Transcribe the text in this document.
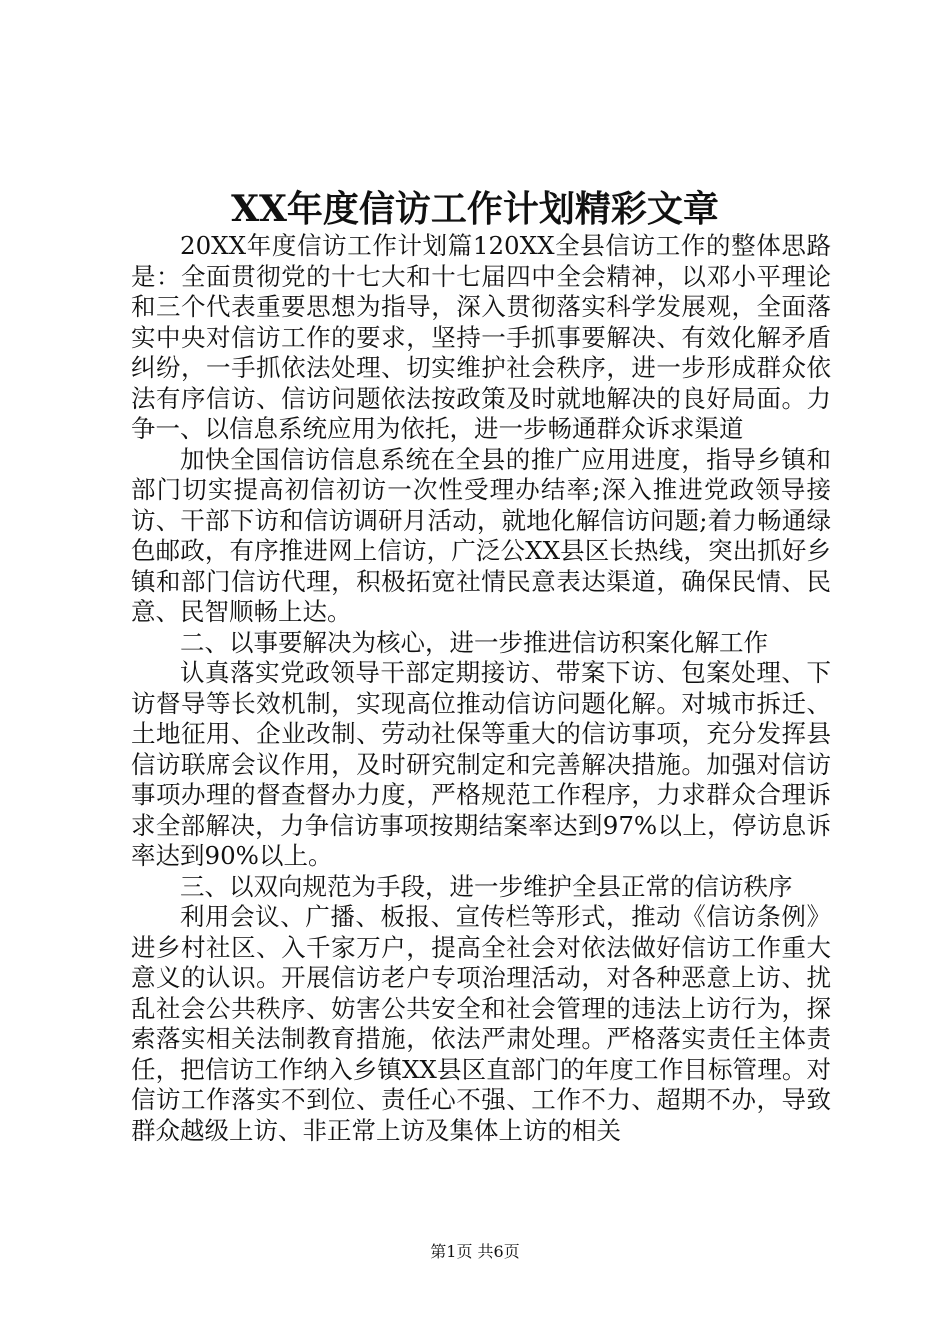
XX年度信访工作计划精彩文章

20XX年度信访工作计划篇120XX全县信访工作的整体思路是：全面贯彻党的十七大和十七届四中全会精神，以邓小平理论和三个代表重要思想为指导，深入贯彻落实科学发展观，全面落实中央对信访工作的要求，坚持一手抓事要解决、有效化解矛盾纠纷，一手抓依法处理、切实维护社会秩序，进一步形成群众依法有序信访、信访问题依法按政策及时就地解决的良好局面。力争一、以信息系统应用为依托，进一步畅通群众诉求渠道

加快全国信访信息系统在全县的推广应用进度，指导乡镇和部门切实提高初信初访一次性受理办结率;深入推进党政领导接访、干部下访和信访调研月活动，就地化解信访问题;着力畅通绿色邮政，有序推进网上信访，广泛公XX县区长热线，突出抓好乡镇和部门信访代理，积极拓宽社情民意表达渠道，确保民情、民意、民智顺畅上达。

二、以事要解决为核心，进一步推进信访积案化解工作

认真落实党政领导干部定期接访、带案下访、包案处理、下访督导等长效机制，实现高位推动信访问题化解。对城市拆迁、土地征用、企业改制、劳动社保等重大的信访事项，充分发挥县信访联席会议作用，及时研究制定和完善解决措施。加强对信访事项办理的督查督办力度，严格规范工作程序，力求群众合理诉求全部解决，力争信访事项按期结案率达到97%以上，停访息诉率达到90%以上。

三、以双向规范为手段，进一步维护全县正常的信访秩序

利用会议、广播、板报、宣传栏等形式，推动《信访条例》进乡村社区、入千家万户，提高全社会对依法做好信访工作重大意义的认识。开展信访老户专项治理活动，对各种恶意上访、扰乱社会公共秩序、妨害公共安全和社会管理的违法上访行为，探索落实相关法制教育措施，依法严肃处理。严格落实责任主体责任，把信访工作纳入乡镇XX县区直部门的年度工作目标管理。对信访工作落实不到位、责任心不强、工作不力、超期不办，导致群众越级上访、非正常上访及集体上访的相关

第1页 共6页
